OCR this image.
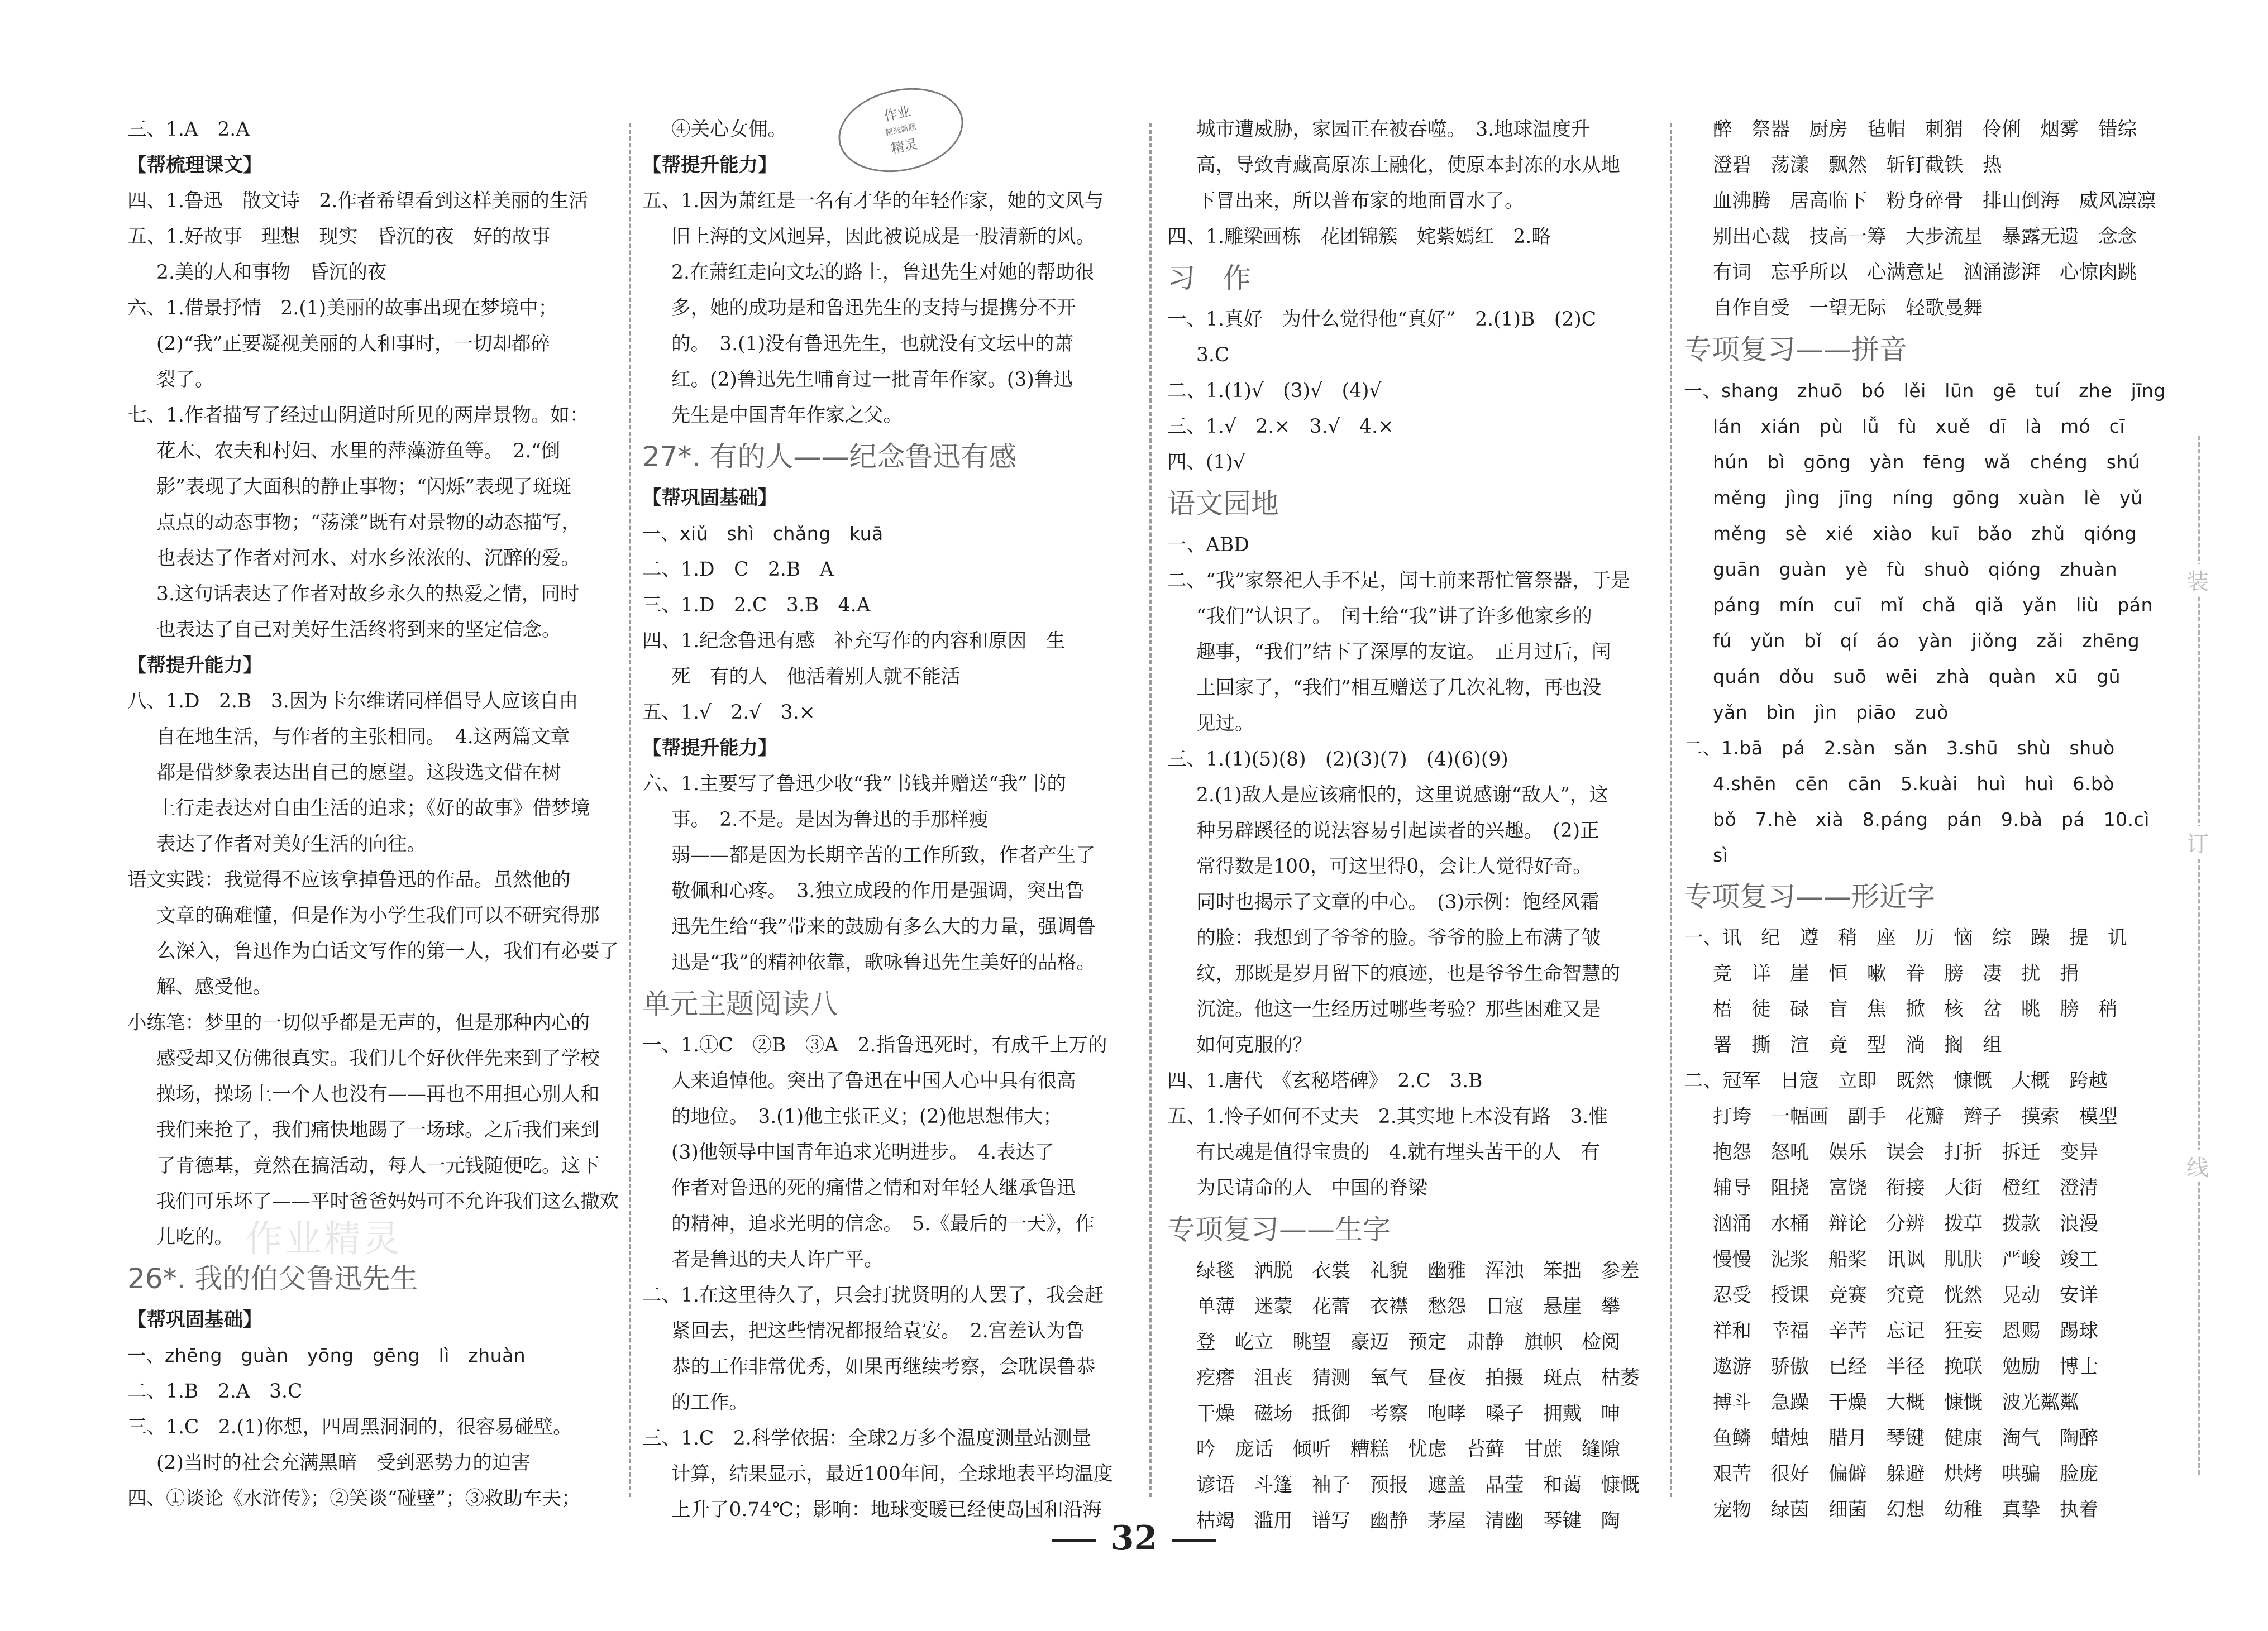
作业
精选新题
精灵
作业精灵
三、1.A　2.A
【帮梳理课文】
四、1.鲁迅　散文诗　2.作者希望看到这样美丽的生活
五、1.好故事　理想　现实　昏沉的夜　好的故事
2.美的人和事物　昏沉的夜
六、1.借景抒情　2.(1)美丽的故事出现在梦境中；
(2)“我”正要凝视美丽的人和事时，一切却都碎
裂了。
七、1.作者描写了经过山阴道时所见的两岸景物。如：
花木、农夫和村妇、水里的萍藻游鱼等。　2.“倒
影”表现了大面积的静止事物；“闪烁”表现了斑斑
点点的动态事物；“荡漾”既有对景物的动态描写，
也表达了作者对河水、对水乡浓浓的、沉醉的爱。
3.这句话表达了作者对故乡永久的热爱之情，同时
也表达了自己对美好生活终将到来的坚定信念。
【帮提升能力】
八、1.D　2.B　3.因为卡尔维诺同样倡导人应该自由
自在地生活，与作者的主张相同。　4.这两篇文章
都是借梦象表达出自己的愿望。这段选文借在树
上行走表达对自由生活的追求；《好的故事》借梦境
表达了作者对美好生活的向往。
语文实践：我觉得不应该拿掉鲁迅的作品。虽然他的
文章的确难懂，但是作为小学生我们可以不研究得那
么深入，鲁迅作为白话文写作的第一人，我们有必要了
解、感受他。
小练笔：梦里的一切似乎都是无声的，但是那种内心的
感受却又仿佛很真实。我们几个好伙伴先来到了学校
操场，操场上一个人也没有——再也不用担心别人和
我们来抢了，我们痛快地踢了一场球。之后我们来到
了肯德基，竟然在搞活动，每人一元钱随便吃。这下
我们可乐坏了——平时爸爸妈妈可不允许我们这么撒欢
儿吃的。
26*. 我的伯父鲁迅先生
【帮巩固基础】
一、zhēng　guàn　yōng　gēng　lì　zhuàn
二、1.B　2.A　3.C
三、1.C　2.(1)你想，四周黑洞洞的，很容易碰壁。
(2)当时的社会充满黑暗　受到恶势力的迫害
四、①谈论《水浒传》；②笑谈“碰壁”；③救助车夫；
④关心女佣。
【帮提升能力】
五、1.因为萧红是一名有才华的年轻作家，她的文风与
旧上海的文风迥异，因此被说成是一股清新的风。
2.在萧红走向文坛的路上，鲁迅先生对她的帮助很
多，她的成功是和鲁迅先生的支持与提携分不开
的。　3.(1)没有鲁迅先生，也就没有文坛中的萧
红。(2)鲁迅先生哺育过一批青年作家。(3)鲁迅
先生是中国青年作家之父。
27*. 有的人——纪念鲁迅有感
【帮巩固基础】
一、xiǔ　shì　chǎng　kuā
二、1.D　C　2.B　A
三、1.D　2.C　3.B　4.A
四、1.纪念鲁迅有感　补充写作的内容和原因　生
死　有的人　他活着别人就不能活
五、1.√　2.√　3.×
【帮提升能力】
六、1.主要写了鲁迅少收“我”书钱并赠送“我”书的
事。　2.不是。是因为鲁迅的手那样瘦
弱——都是因为长期辛苦的工作所致，作者产生了
敬佩和心疼。　3.独立成段的作用是强调，突出鲁
迅先生给“我”带来的鼓励有多么大的力量，强调鲁
迅是“我”的精神依靠，歌咏鲁迅先生美好的品格。
单元主题阅读八
一、1.①C　②B　③A　2.指鲁迅死时，有成千上万的
人来追悼他。突出了鲁迅在中国人心中具有很高
的地位。　3.(1)他主张正义；(2)他思想伟大；
(3)他领导中国青年追求光明进步。　4.表达了
作者对鲁迅的死的痛惜之情和对年轻人继承鲁迅
的精神，追求光明的信念。　5.《最后的一天》，作
者是鲁迅的夫人许广平。
二、1.在这里待久了，只会打扰贤明的人罢了，我会赶
紧回去，把这些情况都报给袁安。　2.宫差认为鲁
恭的工作非常优秀，如果再继续考察，会耽误鲁恭
的工作。
三、1.C　2.科学依据：全球2万多个温度测量站测量
计算，结果显示，最近100年间，全球地表平均温度
上升了0.74℃；影响：地球变暖已经使岛国和沿海
城市遭威胁，家园正在被吞噬。　3.地球温度升
高，导致青藏高原冻土融化，使原本封冻的水从地
下冒出来，所以普布家的地面冒水了。
四、1.雕梁画栋　花团锦簇　姹紫嫣红　2.略
习　作
一、1.真好　为什么觉得他“真好”　2.(1)B　(2)C
3.C
二、1.(1)√　(3)√　(4)√
三、1.√　2.×　3.√　4.×
四、(1)√
语文园地
一、ABD
二、“我”家祭祀人手不足，闰土前来帮忙管祭器，于是
“我们”认识了。　闰土给“我”讲了许多他家乡的
趣事，“我们”结下了深厚的友谊。　正月过后，闰
土回家了，“我们”相互赠送了几次礼物，再也没
见过。
三、1.(1)(5)(8)　(2)(3)(7)　(4)(6)(9)
2.(1)敌人是应该痛恨的，这里说感谢“敌人”，这
种另辟蹊径的说法容易引起读者的兴趣。　(2)正
常得数是100，可这里得0，会让人觉得好奇。
同时也揭示了文章的中心。　(3)示例：饱经风霜
的脸：我想到了爷爷的脸。爷爷的脸上布满了皱
纹，那既是岁月留下的痕迹，也是爷爷生命智慧的
沉淀。他这一生经历过哪些考验？那些困难又是
如何克服的？
四、1.唐代　《玄秘塔碑》　2.C　3.B
五、1.怜子如何不丈夫　2.其实地上本没有路　3.惟
有民魂是值得宝贵的　4.就有埋头苦干的人　有
为民请命的人　中国的脊梁
专项复习——生字
绿毯　洒脱　衣裳　礼貌　幽雅　浑浊　笨拙　参差
单薄　迷蒙　花蕾　衣襟　愁怨　日寇　悬崖　攀
登　屹立　眺望　豪迈　预定　肃静　旗帜　检阅
疙瘩　沮丧　猜测　氧气　昼夜　拍摄　斑点　枯萎
干燥　磁场　抵御　考察　咆哮　嗓子　拥戴　呻
吟　庞话　倾听　糟糕　忧虑　苔藓　甘蔗　缝隙
谚语　斗篷　袖子　预报　遮盖　晶莹　和蔼　慷慨
枯竭　滥用　谱写　幽静　茅屋　清幽　琴键　陶
醉　祭器　厨房　毡帽　刺猬　伶俐　烟雾　错综
澄碧　荡漾　飘然　斩钉截铁　热
血沸腾　居高临下　粉身碎骨　排山倒海　威风凛凛
别出心裁　技高一筹　大步流星　暴露无遗　念念
有词　忘乎所以　心满意足　汹涌澎湃　心惊肉跳
自作自受　一望无际　轻歌曼舞
专项复习——拼音
一、shang　zhuō　bó　lěi　lūn　gē　tuí　zhe　jīng
lán　xián　pù　lǚ　fù　xuě　dī　là　mó　cī
hún　bì　gōng　yàn　fēng　wǎ　chéng　shú
měng　jìng　jīng　níng　gōng　xuàn　lè　yǔ
měng　sè　xié　xiào　kuī　bǎo　zhǔ　qióng
guān　guàn　yè　fù　shuò　qióng　zhuàn
páng　mín　cuī　mǐ　chǎ　qiǎ　yǎn　liù　pán
fú　yǔn　bǐ　qí　áo　yàn　jiǒng　zǎi　zhēng
quán　dǒu　suō　wēi　zhà　quàn　xū　gū
yǎn　bìn　jìn　piāo　zuò
二、1.bā　pá　2.sàn　sǎn　3.shū　shù　shuò
4.shēn　cēn　cān　5.kuài　huì　huì　6.bò
bǒ　7.hè　xià　8.páng　pán　9.bà　pá　10.cì
sì
专项复习——形近字
一、讯　纪　遵　稍　座　历　恼　综　躁　提　讥
竞　详　崖　恒　嗽　眷　膀　凄　扰　捐
梧　徒　碌　盲　焦　掀　核　岔　眺　膀　稍
署　撕　渲　竟　型　淌　搁　组
二、冠军　日寇　立即　既然　慷慨　大概　跨越
打垮　一幅画　副手　花瓣　辫子　摸索　模型
抱怨　怒吼　娱乐　误会　打折　拆迁　变异
辅导　阻挠　富饶　衔接　大街　橙红　澄清
汹涌　水桶　辩论　分辨　拨草　拨款　浪漫
慢慢　泥浆　船桨　讯讽　肌肤　严峻　竣工
忍受　授课　竞赛　究竟　恍然　晃动　安详
祥和　幸福　辛苦　忘记　狂妄　恩赐　踢球
遨游　骄傲　已经　半径　挽联　勉励　博士
搏斗　急躁　干燥　大概　慷慨　波光粼粼
鱼鳞　蜡烛　腊月　琴键　健康　淘气　陶醉
艰苦　很好　偏僻　躲避　烘烤　哄骗　脸庞
宠物　绿茵　细菌　幻想　幼稚　真挚　执着
装
订
线
32
